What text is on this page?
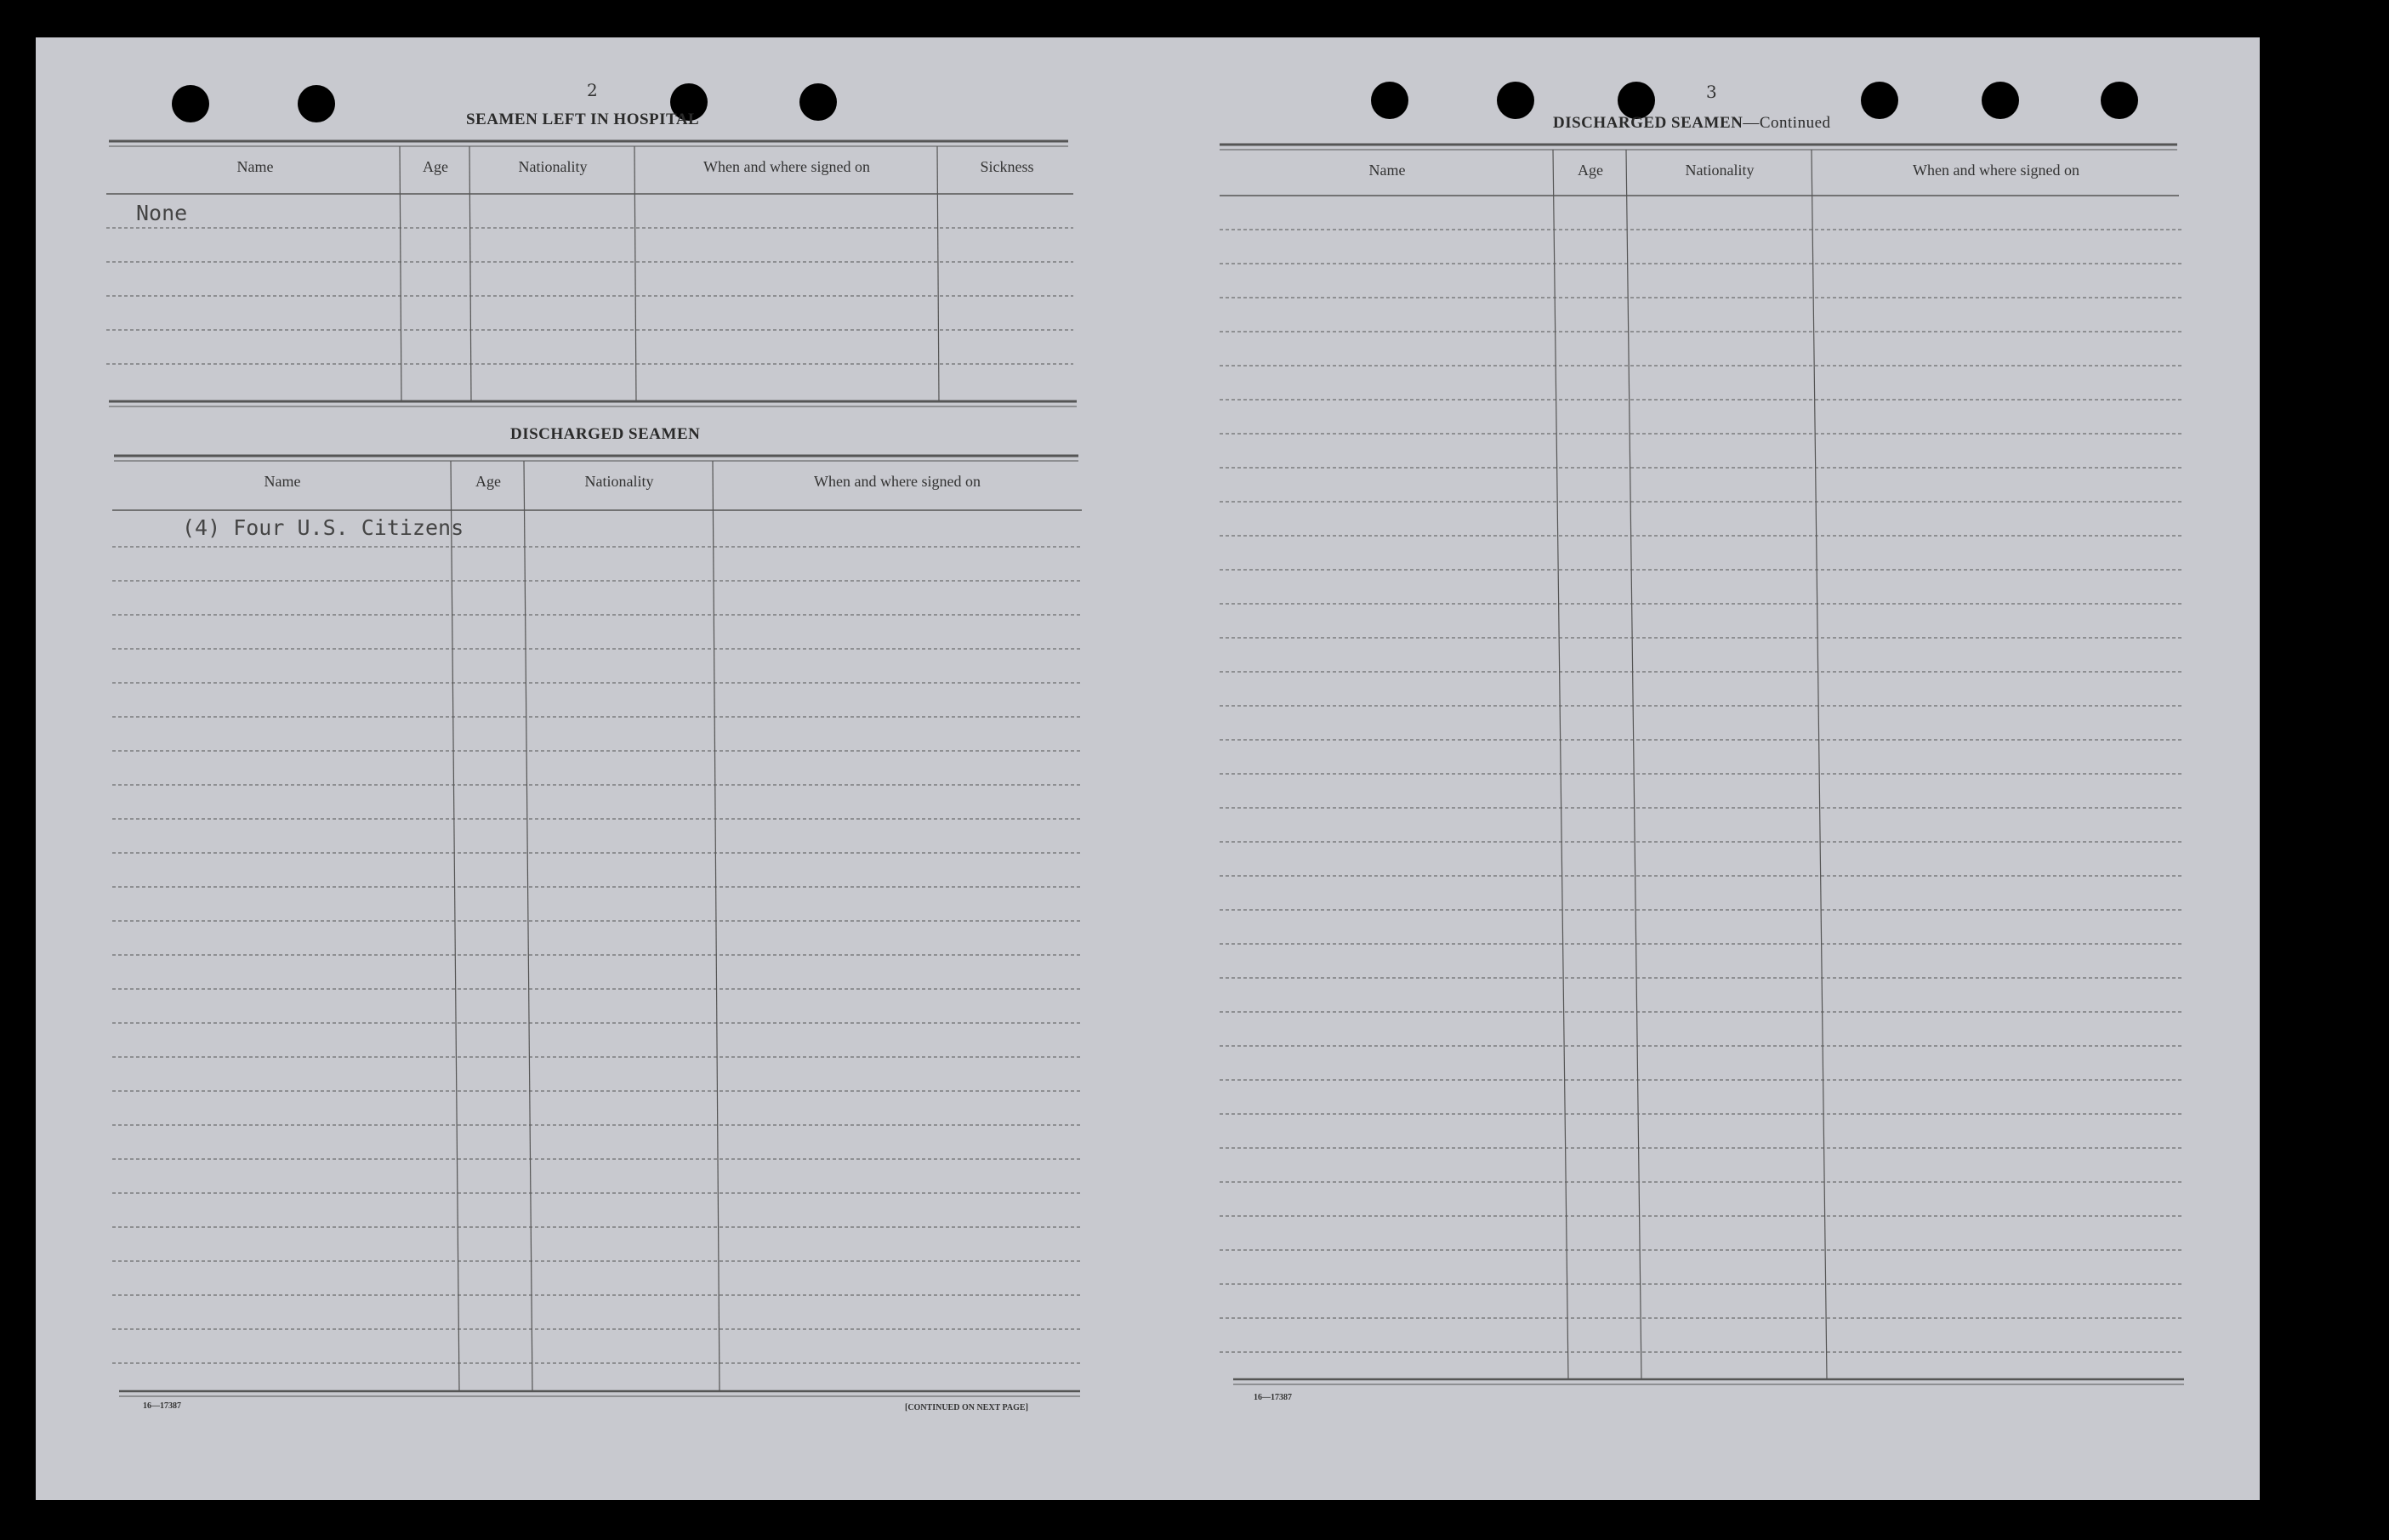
2
SEAMEN LEFT IN HOSPITAL
Name	Age	Nationality	When and where signed on	Sickness
None
DISCHARGED SEAMEN
Name	Age	Nationality	When and where signed on
(4) Four U.S. Citizens
16—17387	[CONTINUED ON NEXT PAGE]
3
DISCHARGED SEAMEN—Continued
Name	Age	Nationality	When and where signed on
16—17387
